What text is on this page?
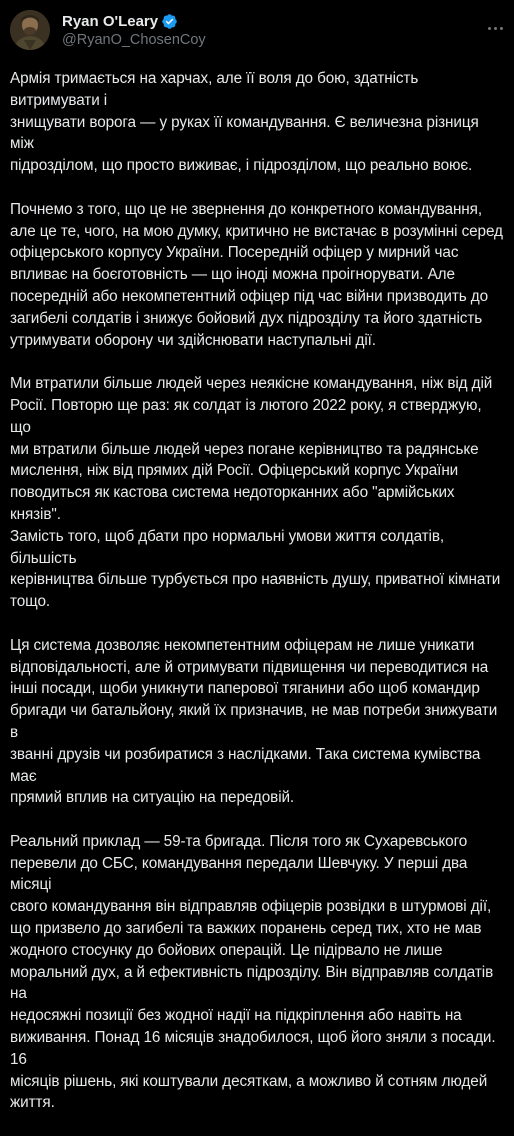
Ryan O'Leary
@RyanO_ChosenCoy

Армія тримається на харчах, але її воля до бою, здатність витримувати і
знищувати ворога — у руках її командування. Є величезна різниця між
підрозділом, що просто виживає, і підрозділом, що реально воює.

Почнемо з того, що це не звернення до конкретного командування,
але це те, чого, на мою думку, критично не вистачає в розумінні серед
офіцерського корпусу України. Посередній офіцер у мирний час
впливає на боєготовність — що іноді можна проігнорувати. Але
посередній або некомпетентний офіцер під час війни призводить до
загибелі солдатів і знижує бойовий дух підрозділу та його здатність
утримувати оборону чи здійснювати наступальні дії.

Ми втратили більше людей через неякісне командування, ніж від дій
Росії. Повторю ще раз: як солдат із лютого 2022 року, я стверджую, що
ми втратили більше людей через погане керівництво та радянське
мислення, ніж від прямих дій Росії. Офіцерський корпус України
поводиться як кастова система недоторканних або "армійських князів".
Замість того, щоб дбати про нормальні умови життя солдатів, більшість
керівництва більше турбується про наявність душу, приватної кімнати
тощо.

Ця система дозволяє некомпетентним офіцерам не лише уникати
відповідальності, але й отримувати підвищення чи переводитися на
інші посади, щоби уникнути паперової тяганини або щоб командир
бригади чи батальйону, який їх призначив, не мав потреби знижувати в
званні друзів чи розбиратися з наслідками. Така система кумівства має
прямий вплив на ситуацію на передовій.

Реальний приклад — 59-та бригада. Після того як Сухаревського
перевели до СБС, командування передали Шевчуку. У перші два місяці
свого командування він відправляв офіцерів розвідки в штурмові дії,
що призвело до загибелі та важких поранень серед тих, хто не мав
жодного стосунку до бойових операцій. Це підірвало не лише
моральний дух, а й ефективність підрозділу. Він відправляв солдатів на
недосяжні позиції без жодної надії на підкріплення або навіть на
виживання. Понад 16 місяців знадобилося, щоб його зняли з посади. 16
місяців рішень, які коштували десяткам, а можливо й сотням людей
життя.
